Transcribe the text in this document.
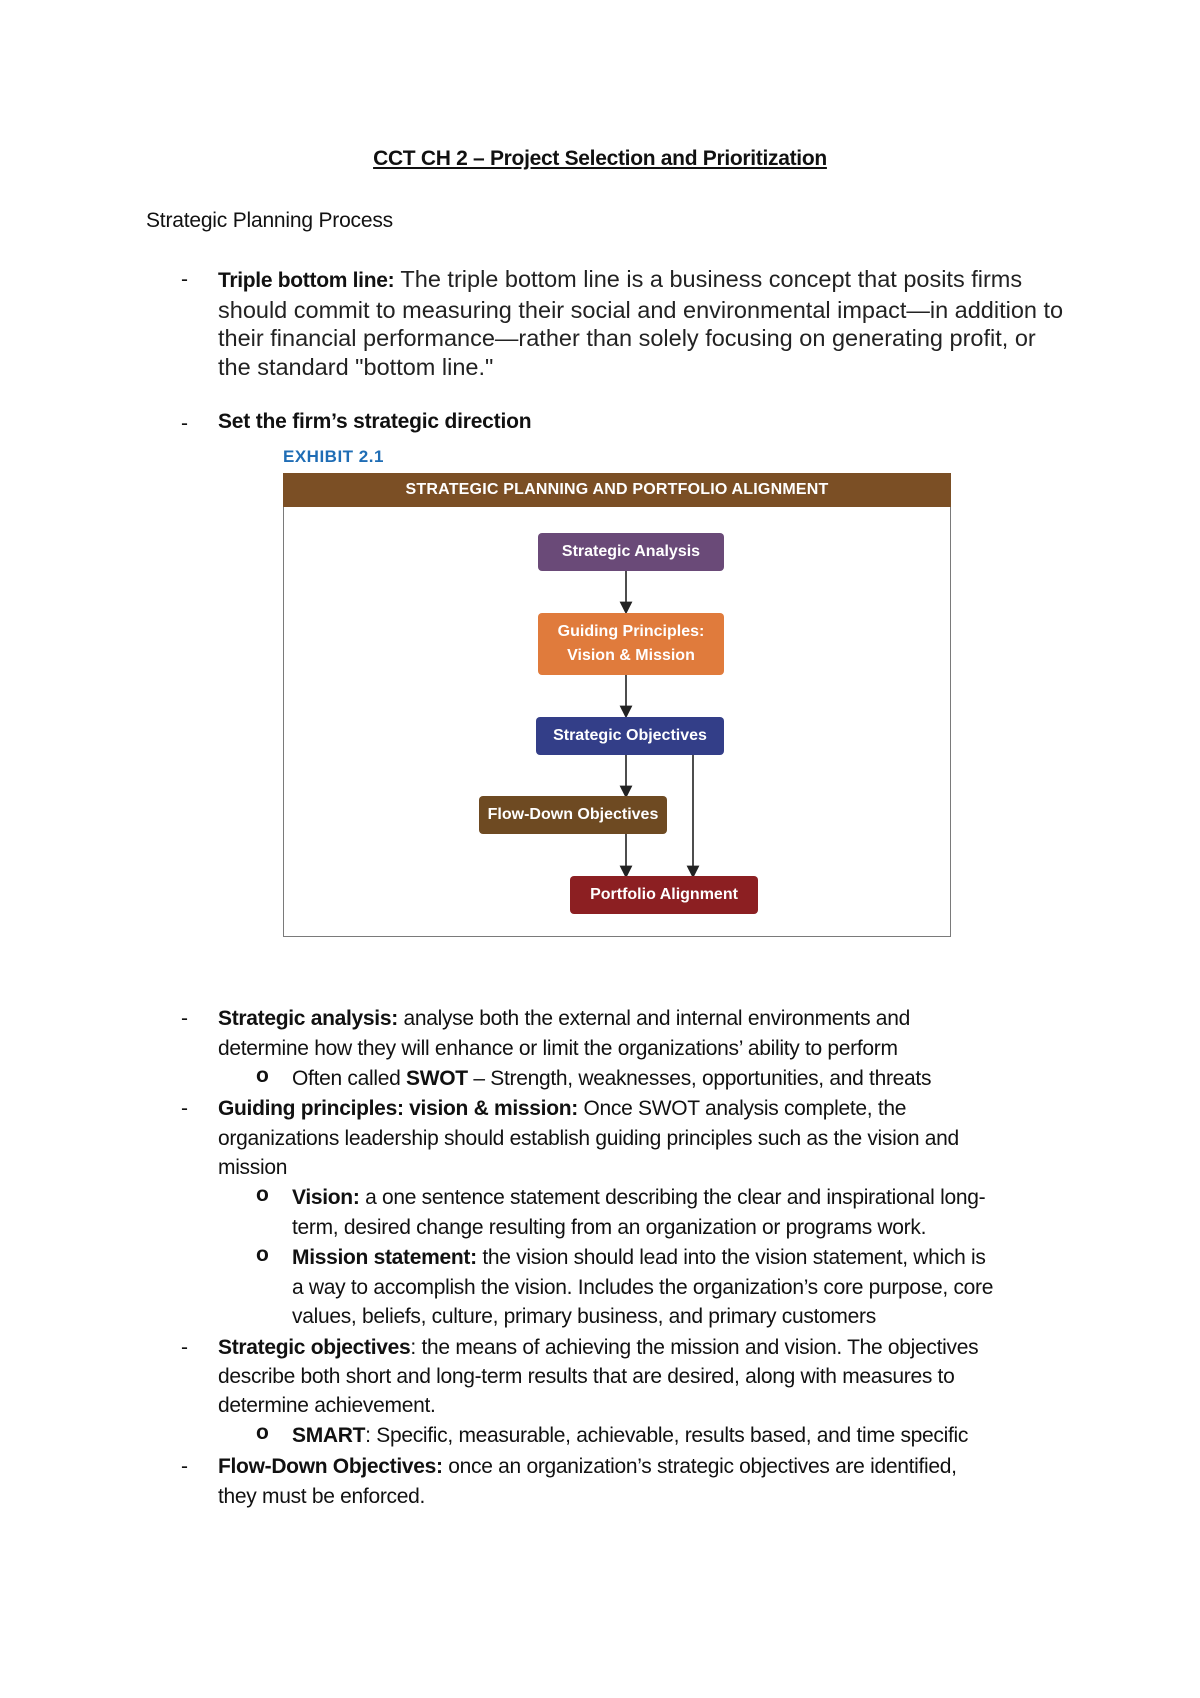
CCT CH 2 – Project Selection and Prioritization
Strategic Planning Process
- Triple bottom line: The triple bottom line is a business concept that posits firms should commit to measuring their social and environmental impact—in addition to their financial performance—rather than solely focusing on generating profit, or the standard "bottom line."
- Set the firm’s strategic direction
EXHIBIT 2.1
STRATEGIC PLANNING AND PORTFOLIO ALIGNMENT
Strategic Analysis
Guiding Principles:
Vision & Mission
Strategic Objectives
Flow-Down Objectives
Portfolio Alignment
- Strategic analysis: analyse both the external and internal environments and
determine how they will enhance or limit the organizations’ ability to perform
o Often called SWOT – Strength, weaknesses, opportunities, and threats
- Guiding principles: vision & mission: Once SWOT analysis complete, the
organizations leadership should establish guiding principles such as the vision and
mission
o Vision: a one sentence statement describing the clear and inspirational long-
term, desired change resulting from an organization or programs work.
o Mission statement: the vision should lead into the vision statement, which is
a way to accomplish the vision. Includes the organization’s core purpose, core
values, beliefs, culture, primary business, and primary customers
- Strategic objectives: the means of achieving the mission and vision. The objectives
describe both short and long-term results that are desired, along with measures to
determine achievement.
o SMART: Specific, measurable, achievable, results based, and time specific
- Flow-Down Objectives: once an organization’s strategic objectives are identified,
they must be enforced.
